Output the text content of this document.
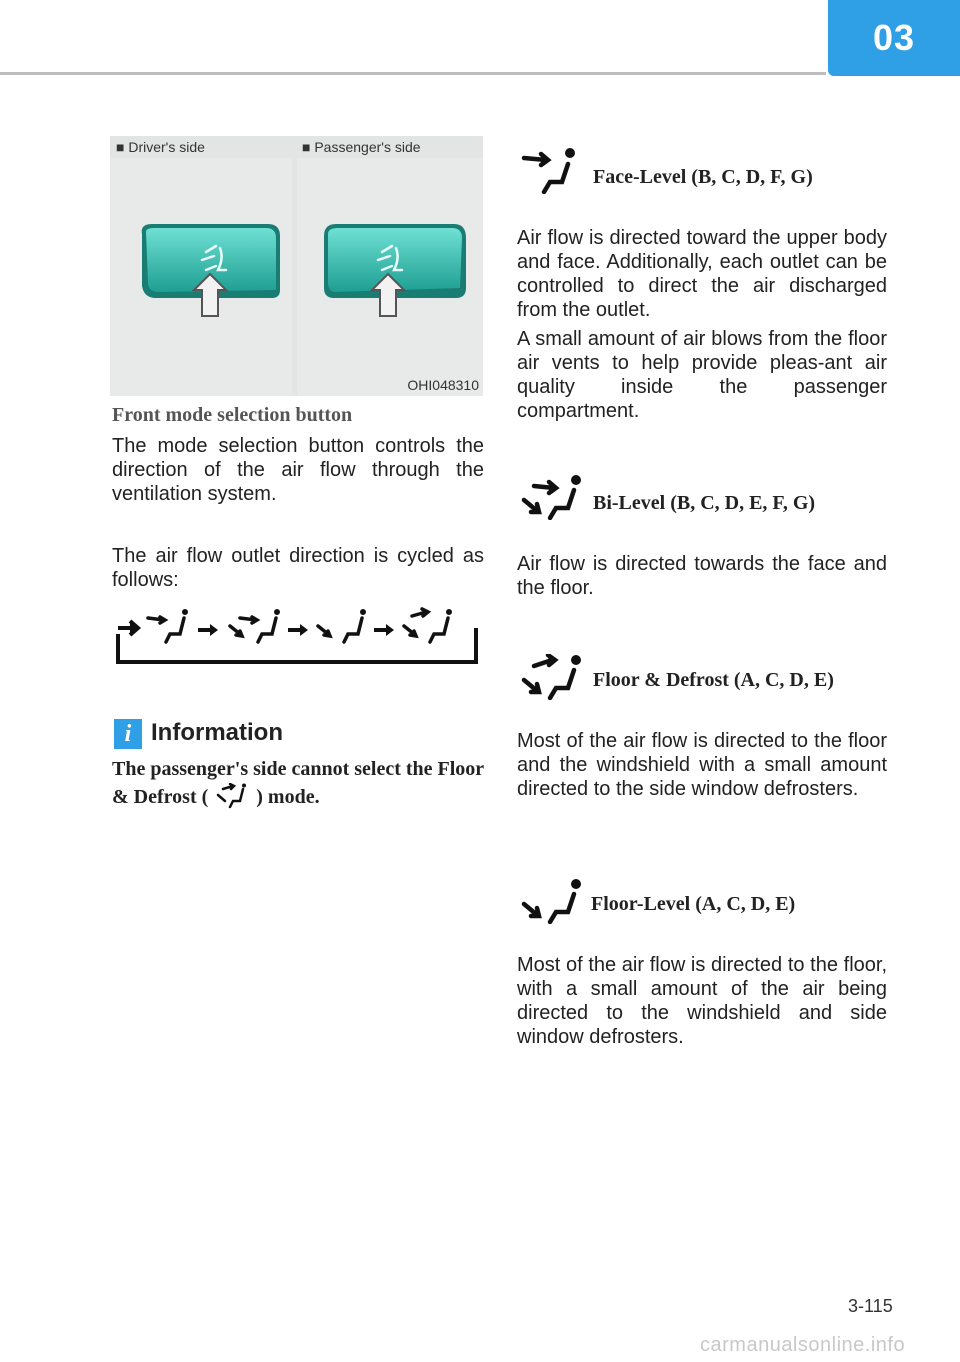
03
■ Driver's side	■ Passenger's side
OHI048310
Front mode selection button

The mode selection button controls the direction of the air flow through the ventilation system.

The air flow outlet direction is cycled as follows:

i Information
The passenger's side cannot select the Floor & Defrost ( ) mode.
Face-Level (B, C, D, F, G)

Air flow is directed toward the upper body and face. Additionally, each outlet can be controlled to direct the air discharged from the outlet.

A small amount of air blows from the floor air vents to help provide pleas-ant air quality inside the passenger compartment.

Bi-Level (B, C, D, E, F, G)

Air flow is directed towards the face and the floor.

Floor & Defrost (A, C, D, E)

Most of the air flow is directed to the floor and the windshield with a small amount directed to the side window defrosters.

Floor-Level (A, C, D, E)

Most of the air flow is directed to the floor, with a small amount of the air being directed to the windshield and side window defrosters.

3-115
carmanualsonline.info
